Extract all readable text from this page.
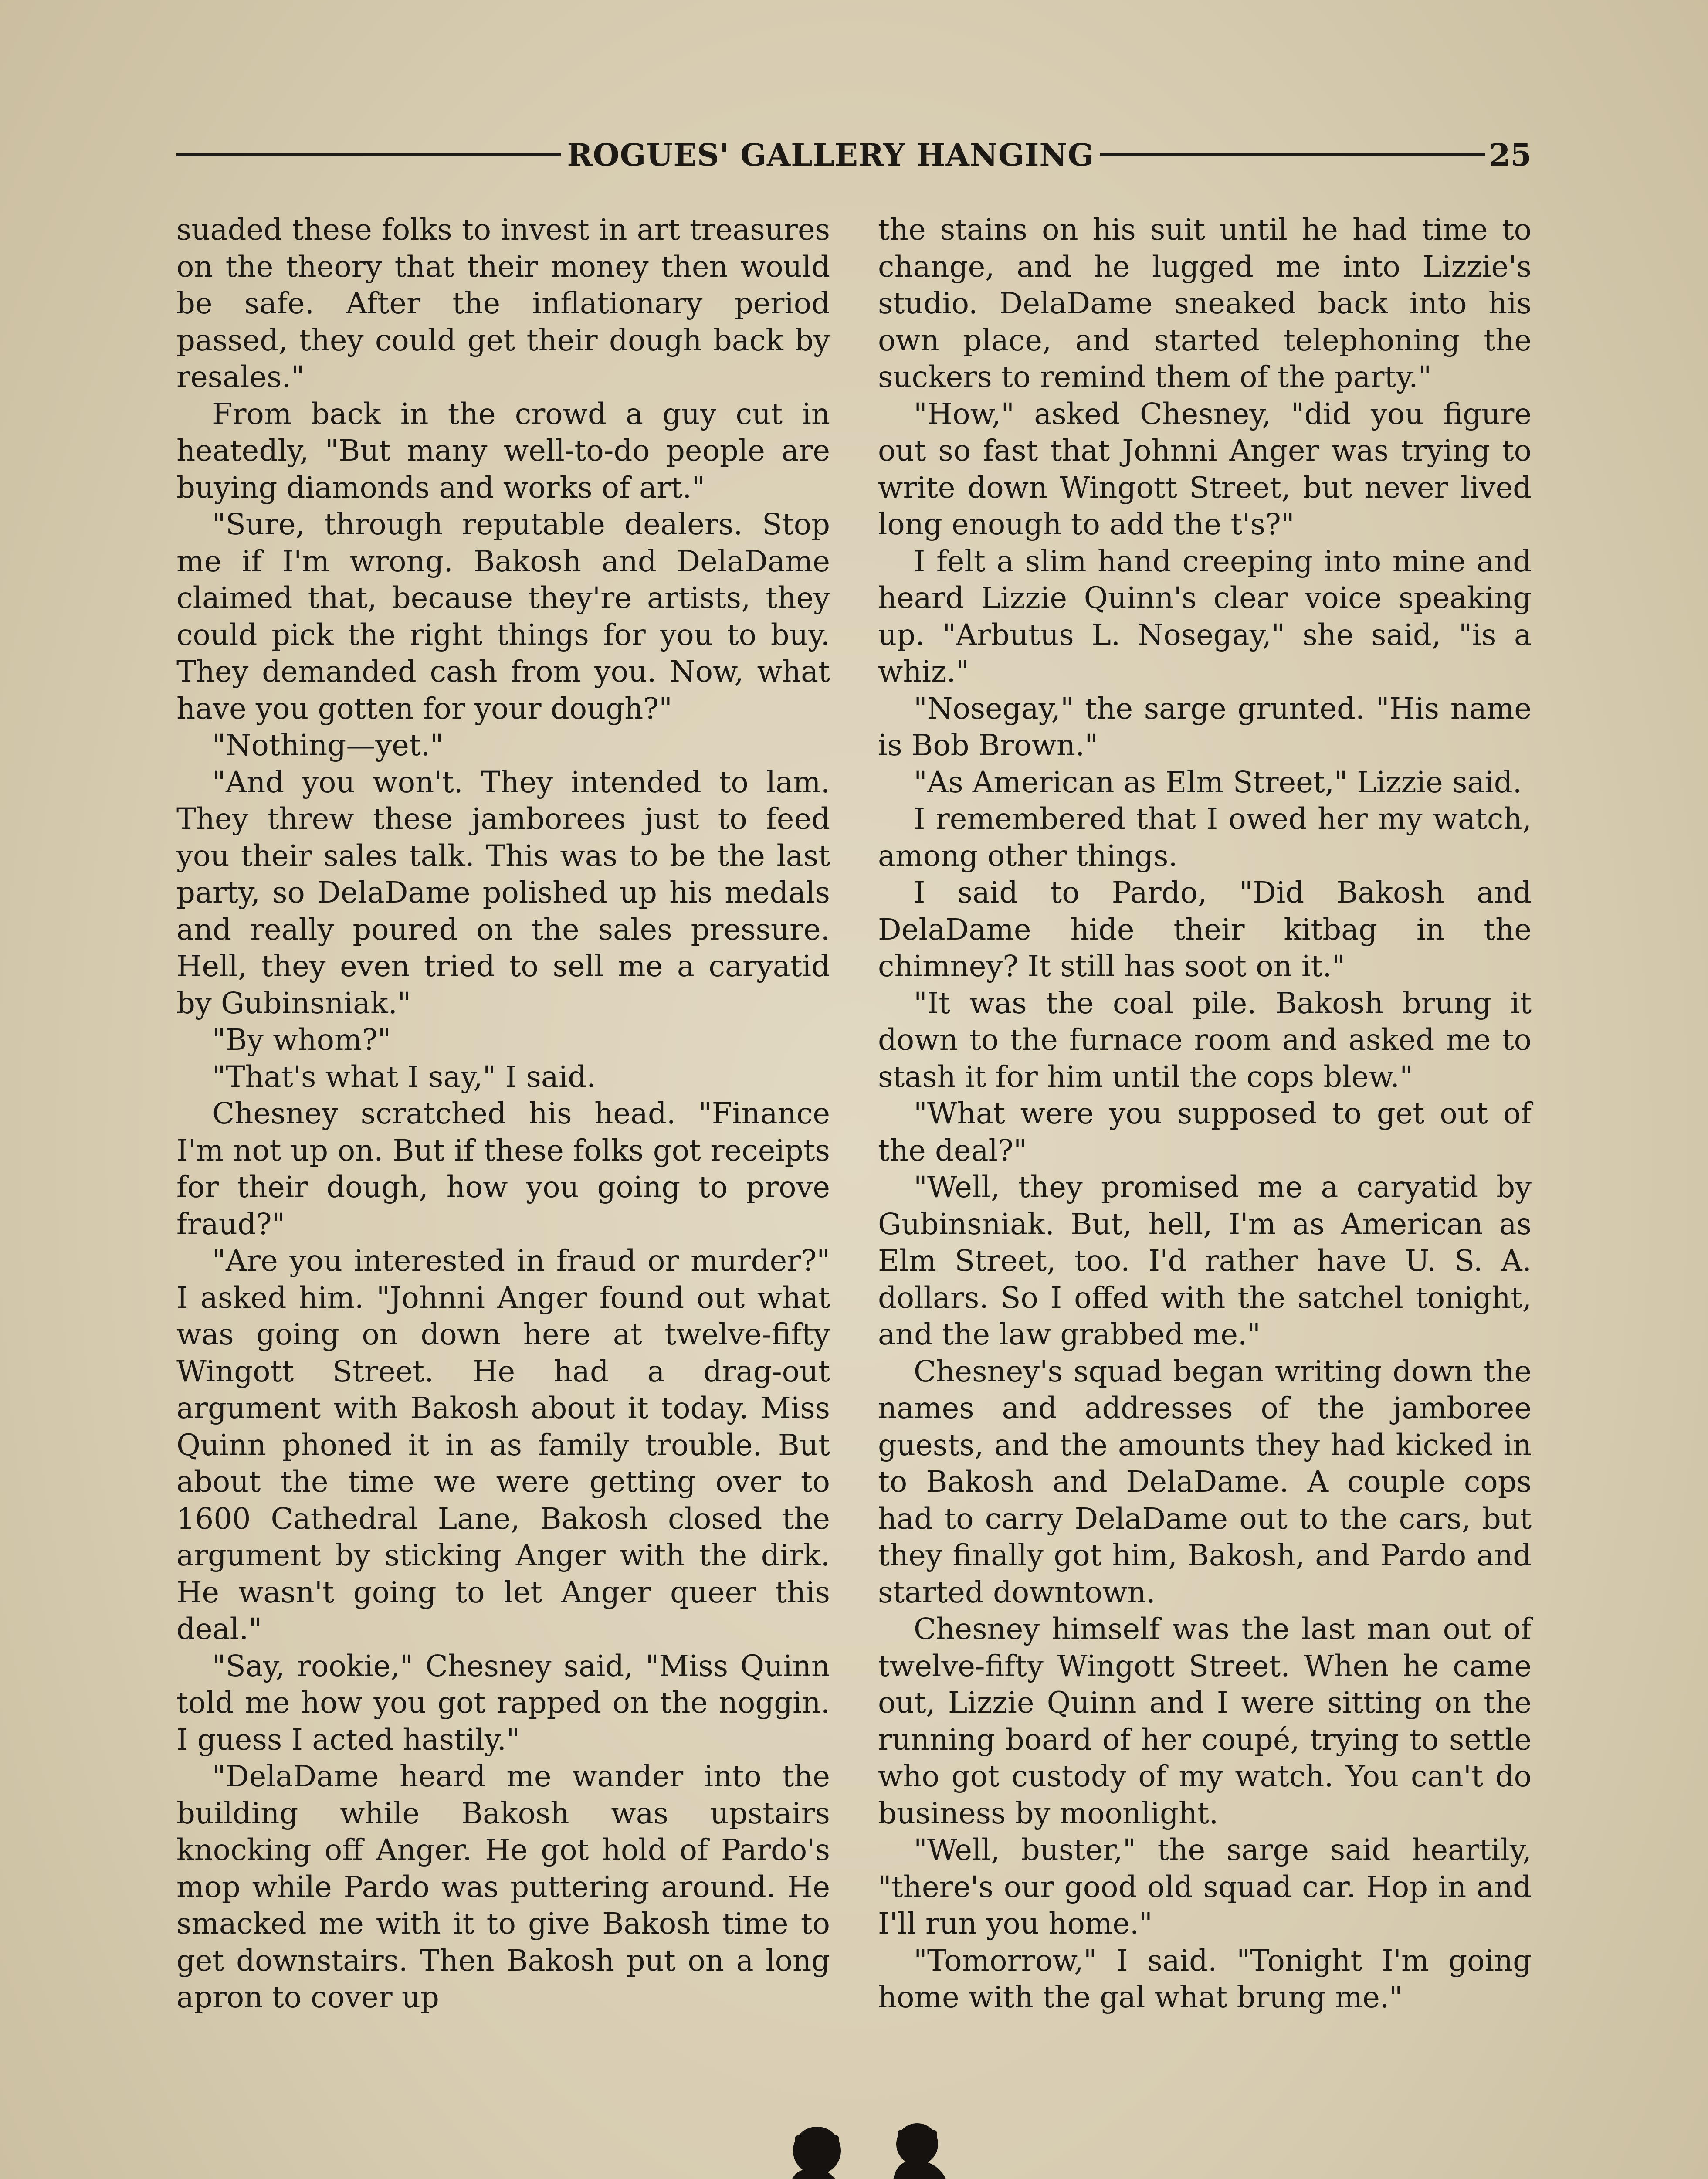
ROGUES' GALLERY HANGING	25

suaded these folks to invest in art treasures on the theory that their money then would be safe. After the inflationary period passed, they could get their dough back by resales."

From back in the crowd a guy cut in heatedly, "But many well-to-do people are buying diamonds and works of art."

"Sure, through reputable dealers. Stop me if I'm wrong. Bakosh and DelaDame claimed that, because they're artists, they could pick the right things for you to buy. They demanded cash from you. Now, what have you gotten for your dough?"

"Nothing—yet."

"And you won't. They intended to lam. They threw these jamborees just to feed you their sales talk. This was to be the last party, so DelaDame polished up his medals and really poured on the sales pressure. Hell, they even tried to sell me a caryatid by Gubinsniak."

"By whom?"

"That's what I say," I said.

Chesney scratched his head. "Finance I'm not up on. But if these folks got receipts for their dough, how you going to prove fraud?"

"Are you interested in fraud or murder?" I asked him. "Johnni Anger found out what was going on down here at twelve-fifty Wingott Street. He had a drag-out argument with Bakosh about it today. Miss Quinn phoned it in as family trouble. But about the time we were getting over to 1600 Cathedral Lane, Bakosh closed the argument by sticking Anger with the dirk. He wasn't going to let Anger queer this deal."

"Say, rookie," Chesney said, "Miss Quinn told me how you got rapped on the noggin. I guess I acted hastily."

"DelaDame heard me wander into the building while Bakosh was upstairs knocking off Anger. He got hold of Pardo's mop while Pardo was puttering around. He smacked me with it to give Bakosh time to get downstairs. Then Bakosh put on a long apron to cover up

the stains on his suit until he had time to change, and he lugged me into Lizzie's studio. DelaDame sneaked back into his own place, and started telephoning the suckers to remind them of the party."

"How," asked Chesney, "did you figure out so fast that Johnni Anger was trying to write down Wingott Street, but never lived long enough to add the t's?"

I felt a slim hand creeping into mine and heard Lizzie Quinn's clear voice speaking up. "Arbutus L. Nosegay," she said, "is a whiz."

"Nosegay," the sarge grunted. "His name is Bob Brown."

"As American as Elm Street," Lizzie said.

I remembered that I owed her my watch, among other things.

I said to Pardo, "Did Bakosh and DelaDame hide their kitbag in the chimney? It still has soot on it."

"It was the coal pile. Bakosh brung it down to the furnace room and asked me to stash it for him until the cops blew."

"What were you supposed to get out of the deal?"

"Well, they promised me a caryatid by Gubinsniak. But, hell, I'm as American as Elm Street, too. I'd rather have U. S. A. dollars. So I offed with the satchel tonight, and the law grabbed me."

Chesney's squad began writing down the names and addresses of the jamboree guests, and the amounts they had kicked in to Bakosh and DelaDame. A couple cops had to carry DelaDame out to the cars, but they finally got him, Bakosh, and Pardo and started downtown.

Chesney himself was the last man out of twelve-fifty Wingott Street. When he came out, Lizzie Quinn and I were sitting on the running board of her coupé, trying to settle who got custody of my watch. You can't do business by moonlight.

"Well, buster," the sarge said heartily, "there's our good old squad car. Hop in and I'll run you home."

"Tomorrow," I said. "Tonight I'm going home with the gal what brung me."
